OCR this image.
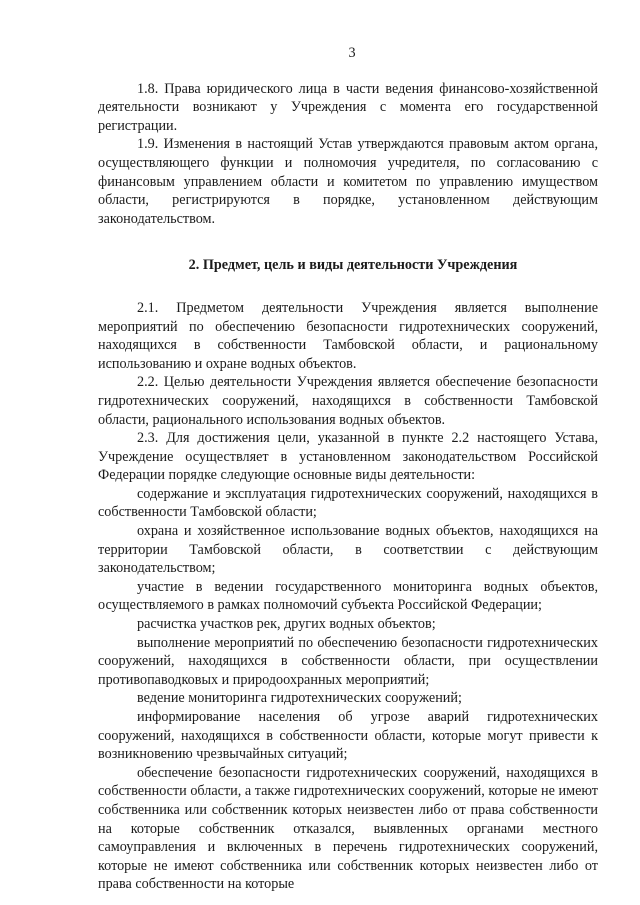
3

1.8. Права юридического лица в части ведения финансово-хозяйственной деятельности возникают у Учреждения с момента его государственной регистрации.

1.9. Изменения в настоящий Устав утверждаются правовым актом органа, осуществляющего функции и полномочия учредителя, по согласованию с финансовым управлением области и комитетом по управлению имуществом области, регистрируются в порядке, установленном действующим законодательством.

2. Предмет, цель и виды деятельности Учреждения

2.1. Предметом деятельности Учреждения является выполнение мероприятий по обеспечению безопасности гидротехнических сооружений, находящихся в собственности Тамбовской области, и рациональному использованию и охране водных объектов.

2.2. Целью деятельности Учреждения является обеспечение безопасности гидротехнических сооружений, находящихся в собственности Тамбовской области, рационального использования водных объектов.

2.3. Для достижения цели, указанной в пункте 2.2 настоящего Устава, Учреждение осуществляет в установленном законодательством Российской Федерации порядке следующие основные виды деятельности:

содержание и эксплуатация гидротехнических сооружений, находящихся в собственности Тамбовской области;

охрана и хозяйственное использование водных объектов, находящихся на территории Тамбовской области, в соответствии с действующим законодательством;

участие в ведении государственного мониторинга водных объектов, осуществляемого в рамках полномочий субъекта Российской Федерации;

расчистка участков рек, других водных объектов;

выполнение мероприятий по обеспечению безопасности гидротехнических сооружений, находящихся в собственности области, при осуществлении противопаводковых и природоохранных мероприятий;

ведение мониторинга гидротехнических сооружений;

информирование населения об угрозе аварий гидротехнических сооружений, находящихся в собственности области, которые могут привести к возникновению чрезвычайных ситуаций;

обеспечение безопасности гидротехнических сооружений, находящихся в собственности области, а также гидротехнических сооружений, которые не имеют собственника или собственник которых неизвестен либо от права собственности на которые собственник отказался, выявленных органами местного самоуправления и включенных в перечень гидротехнических сооружений, которые не имеют собственника или собственник которых неизвестен либо от права собственности на которые
